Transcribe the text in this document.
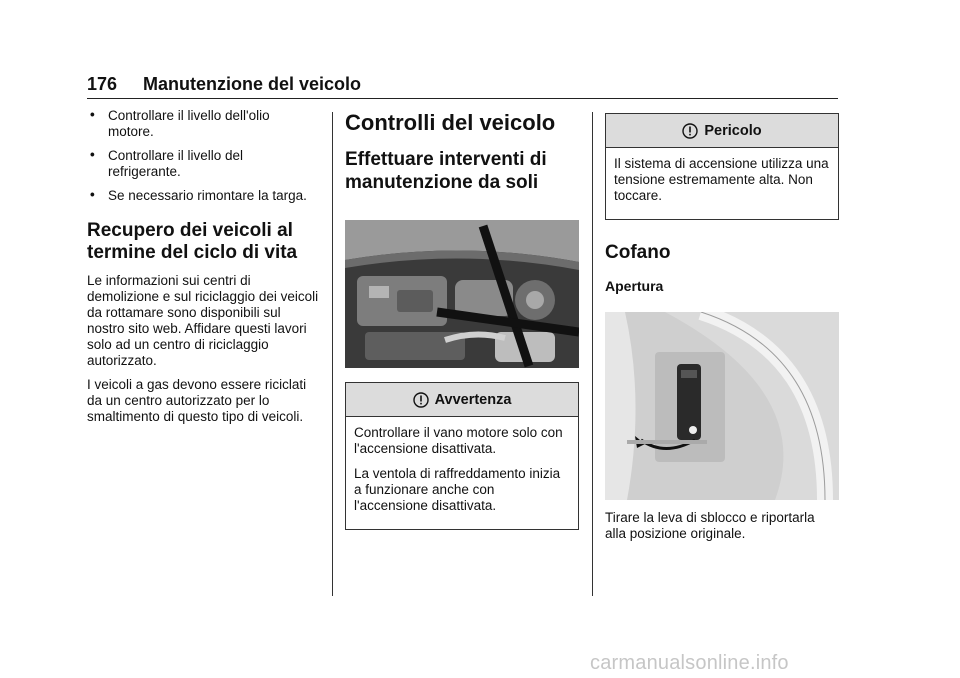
176 Manutenzione del veicolo
• Controllare il livello dell'olio motore.
• Controllare il livello del refrigerante.
• Se necessario rimontare la targa.
Recupero dei veicoli al termine del ciclo di vita
Le informazioni sui centri di demolizione e sul riciclaggio dei veicoli da rottamare sono disponibili sul nostro sito web. Affidare questi lavori solo ad un centro di riciclaggio autorizzato.
I veicoli a gas devono essere riciclati da un centro autorizzato per lo smaltimento di questo tipo di veicoli.
Controlli del veicolo
Effettuare interventi di manutenzione da soli
Avvertenza
Controllare il vano motore solo con l'accensione disattivata.
La ventola di raffreddamento inizia a funzionare anche con l'accensione disattivata.
Pericolo
Il sistema di accensione utilizza una tensione estremamente alta. Non toccare.
Cofano
Apertura
Tirare la leva di sblocco e riportarla alla posizione originale.
carmanualsonline.info
